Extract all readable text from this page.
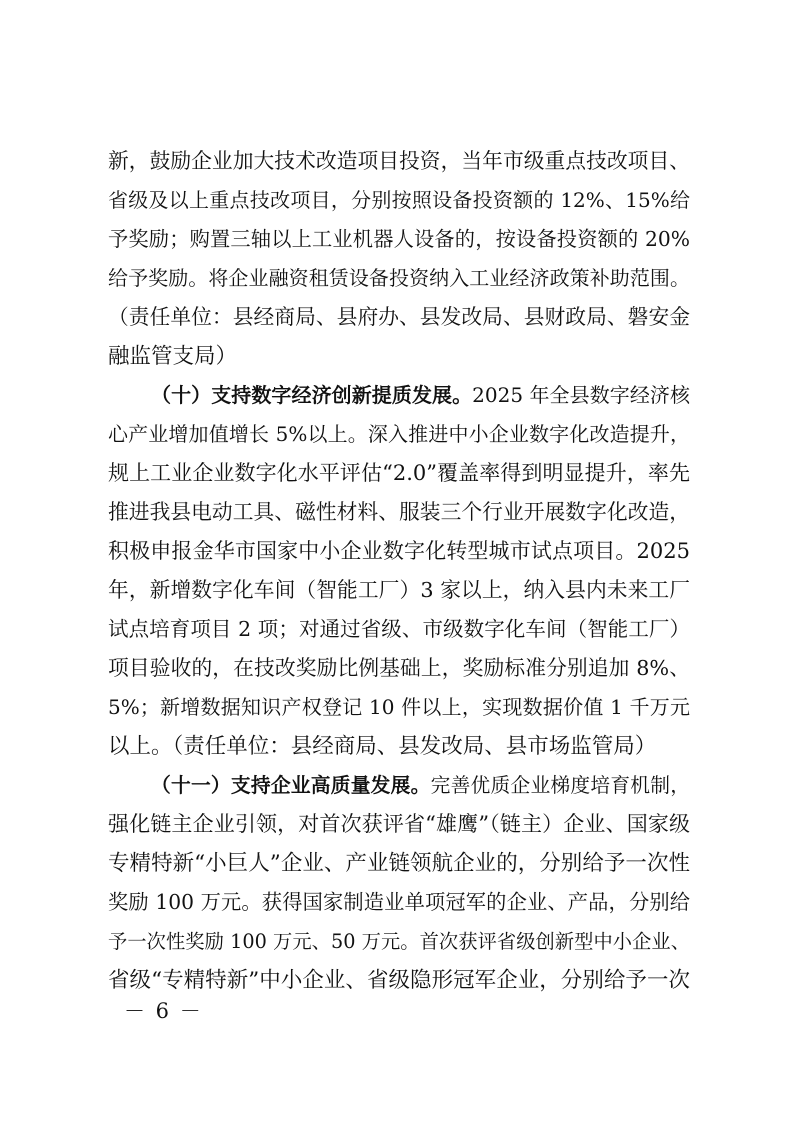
新，鼓励企业加大技术改造项目投资，当年市级重点技改项目、
省级及以上重点技改项目，分别按照设备投资额的 12%、15%给
予奖励；购置三轴以上工业机器人设备的，按设备投资额的 20%
给予奖励。将企业融资租赁设备投资纳入工业经济政策补助范围。
（责任单位：县经商局、县府办、县发改局、县财政局、磐安金
融监管支局）
（十）支持数字经济创新提质发展。2025 年全县数字经济核
心产业增加值增长 5%以上。深入推进中小企业数字化改造提升，
规上工业企业数字化水平评估“2.0”覆盖率得到明显提升，率先
推进我县电动工具、磁性材料、服装三个行业开展数字化改造，
积极申报金华市国家中小企业数字化转型城市试点项目。2025
年，新增数字化车间（智能工厂）3 家以上，纳入县内未来工厂
试点培育项目 2 项；对通过省级、市级数字化车间（智能工厂）
项目验收的，在技改奖励比例基础上，奖励标准分别追加 8%、
5%；新增数据知识产权登记 10 件以上，实现数据价值 1 千万元
以上。（责任单位：县经商局、县发改局、县市场监管局）
（十一）支持企业高质量发展。完善优质企业梯度培育机制，
强化链主企业引领，对首次获评省“雄鹰”（链主）企业、国家级
专精特新“小巨人”企业、产业链领航企业的，分别给予一次性
奖励 100 万元。获得国家制造业单项冠军的企业、产品，分别给
予一次性奖励 100 万元、50 万元。首次获评省级创新型中小企业、
省级“专精特新”中小企业、省级隐形冠军企业，分别给予一次
－ 6 －
